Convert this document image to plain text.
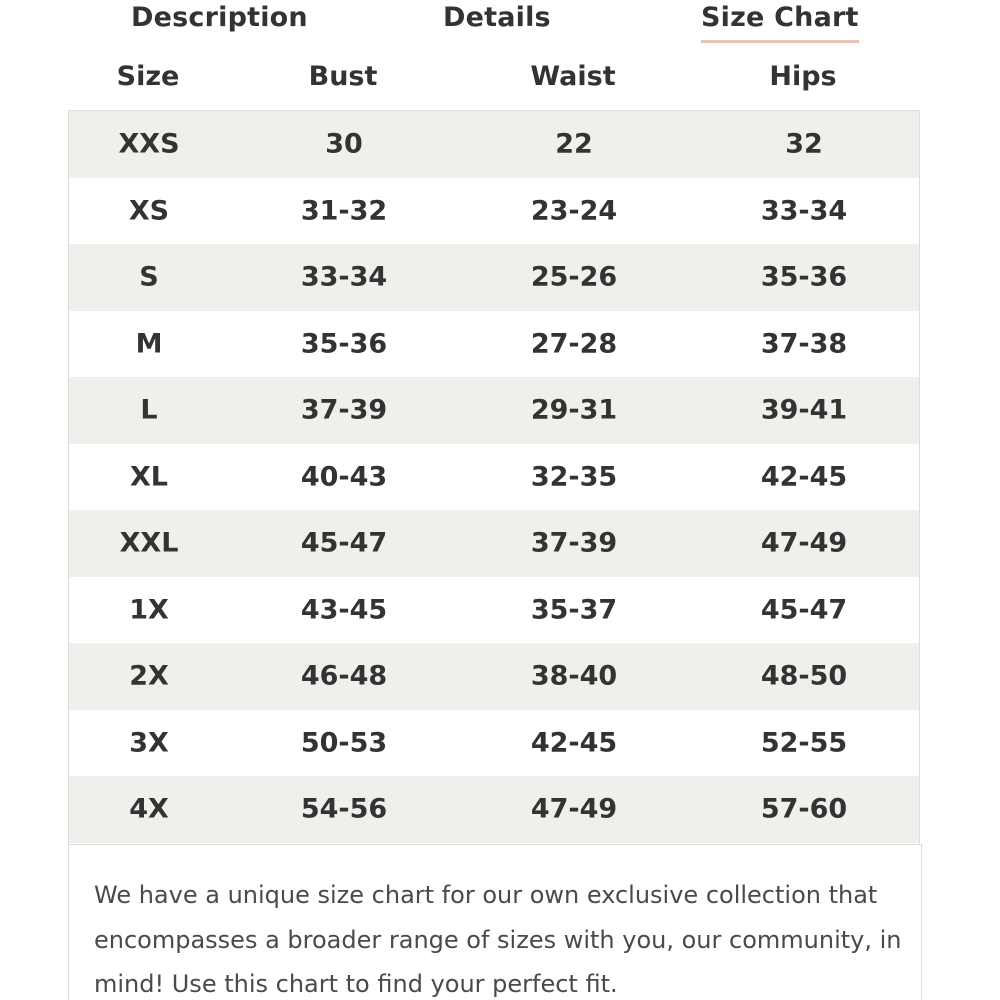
Description	Details	Size Chart
Size	Bust	Waist	Hips
XXS	30	22	32
XS	31-32	23-24	33-34
S	33-34	25-26	35-36
M	35-36	27-28	37-38
L	37-39	29-31	39-41
XL	40-43	32-35	42-45
XXL	45-47	37-39	47-49
1X	43-45	35-37	45-47
2X	46-48	38-40	48-50
3X	50-53	42-45	52-55
4X	54-56	47-49	57-60

We have a unique size chart for our own exclusive collection that encompasses a broader range of sizes with you, our community, in mind! Use this chart to find your perfect fit.
